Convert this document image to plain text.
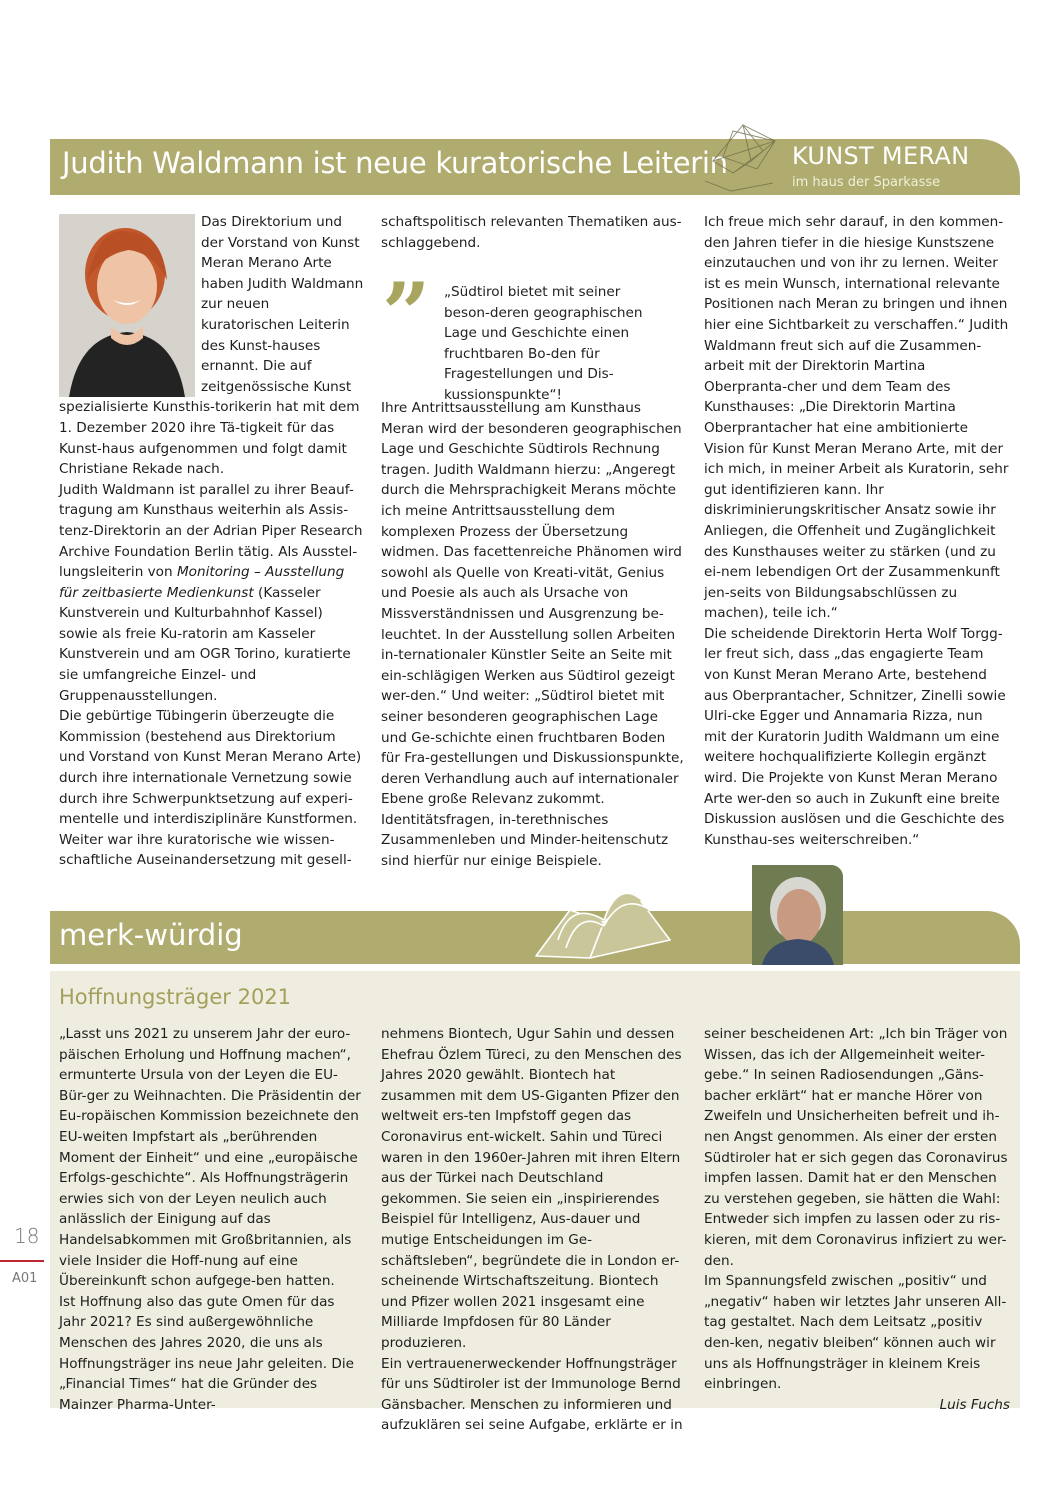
Judith Waldmann ist neue kuratorische Leiterin	KUNST MERAN
im haus der Sparkasse

Das Direktorium und der Vorstand von Kunst Meran Merano Arte haben Judith Waldmann zur neuen kuratorischen Leiterin des Kunst-hauses ernannt. Die auf zeitgenössische Kunst spezialisierte Kunsthis-torikerin hat mit dem 1. Dezember 2020 ihre Tä-tigkeit für das Kunst-haus aufgenommen und folgt damit Christiane Rekade nach.

Judith Waldmann ist parallel zu ihrer Beauf-tragung am Kunsthaus weiterhin als Assis-tenz-Direktorin an der Adrian Piper Research Archive Foundation Berlin tätig. Als Ausstel-lungsleiterin von Monitoring – Ausstellung für zeitbasierte Medienkunst (Kasseler Kunstverein und Kulturbahnhof Kassel) sowie als freie Ku-ratorin am Kasseler Kunstverein und am OGR Torino, kuratierte sie umfangreiche Einzel- und Gruppenausstellungen.

Die gebürtige Tübingerin überzeugte die Kommission (bestehend aus Direktorium und Vorstand von Kunst Meran Merano Arte) durch ihre internationale Vernetzung sowie durch ihre Schwerpunktsetzung auf experi-mentelle und interdisziplinäre Kunstformen. Weiter war ihre kuratorische wie wissen-schaftliche Auseinandersetzung mit gesell-

schaftspolitisch relevanten Thematiken aus-schlaggebend.

” „Südtirol bietet mit seiner beson-deren geographischen Lage und Geschichte einen fruchtbaren Bo-den für Fragestellungen und Dis-kussionspunkte“!
Ihre Antrittsausstellung am Kunsthaus Meran wird der besonderen geographischen Lage und Geschichte Südtirols Rechnung tragen. Judith Waldmann hierzu: „Angeregt durch die Mehrsprachigkeit Merans möchte ich meine Antrittsausstellung dem komplexen Prozess der Übersetzung widmen. Das facettenreiche Phänomen wird sowohl als Quelle von Kreati-vität, Genius und Poesie als auch als Ursache von Missverständnissen und Ausgrenzung be-leuchtet. In der Ausstellung sollen Arbeiten in-ternationaler Künstler Seite an Seite mit ein-schlägigen Werken aus Südtirol gezeigt wer-den.“ Und weiter: „Südtirol bietet mit seiner besonderen geographischen Lage und Ge-schichte einen fruchtbaren Boden für Fra-gestellungen und Diskussionspunkte, deren Verhandlung auch auf internationaler Ebene große Relevanz zukommt. Identitätsfragen, in-terethnisches Zusammenleben und Minder-heitenschutz sind hierfür nur einige Beispiele.

Ich freue mich sehr darauf, in den kommen-den Jahren tiefer in die hiesige Kunstszene einzutauchen und von ihr zu lernen. Weiter ist es mein Wunsch, international relevante Positionen nach Meran zu bringen und ihnen hier eine Sichtbarkeit zu verschaffen.“ Judith Waldmann freut sich auf die Zusammen-arbeit mit der Direktorin Martina Oberpranta-cher und dem Team des Kunsthauses: „Die Direktorin Martina Oberprantacher hat eine ambitionierte Vision für Kunst Meran Merano Arte, mit der ich mich, in meiner Arbeit als Kuratorin, sehr gut identifizieren kann. Ihr diskriminierungskritischer Ansatz sowie ihr Anliegen, die Offenheit und Zugänglichkeit des Kunsthauses weiter zu stärken (und zu ei-nem lebendigen Ort der Zusammenkunft jen-seits von Bildungsabschlüssen zu machen), teile ich.“

Die scheidende Direktorin Herta Wolf Torgg-ler freut sich, dass „das engagierte Team von Kunst Meran Merano Arte, bestehend aus Oberprantacher, Schnitzer, Zinelli sowie Ulri-cke Egger und Annamaria Rizza, nun mit der Kuratorin Judith Waldmann um eine weitere hochqualifizierte Kollegin ergänzt wird. Die Projekte von Kunst Meran Merano Arte wer-den so auch in Zukunft eine breite Diskussion auslösen und die Geschichte des Kunsthau-ses weiterschreiben.“

merk-würdig
Hoffnungsträger 2021

„Lasst uns 2021 zu unserem Jahr der euro-päischen Erholung und Hoffnung machen“, ermunterte Ursula von der Leyen die EU-Bür-ger zu Weihnachten. Die Präsidentin der Eu-ropäischen Kommission bezeichnete den EU-weiten Impfstart als „berührenden Moment der Einheit“ und eine „europäische Erfolgs-geschichte“. Als Hoffnungsträgerin erwies sich von der Leyen neulich auch anlässlich der Einigung auf das Handelsabkommen mit Großbritannien, als viele Insider die Hoff-nung auf eine Übereinkunft schon aufgege-ben hatten.

Ist Hoffnung also das gute Omen für das Jahr 2021? Es sind außergewöhnliche Menschen des Jahres 2020, die uns als Hoffnungsträger ins neue Jahr geleiten. Die „Financial Times“ hat die Gründer des Mainzer Pharma-Unter-

nehmens Biontech, Ugur Sahin und dessen Ehefrau Özlem Türeci, zu den Menschen des Jahres 2020 gewählt. Biontech hat zusammen mit dem US-Giganten Pfizer den weltweit ers-ten Impfstoff gegen das Coronavirus ent-wickelt. Sahin und Türeci waren in den 1960er-Jahren mit ihren Eltern aus der Türkei nach Deutschland gekommen. Sie seien ein „inspirierendes Beispiel für Intelligenz, Aus-dauer und mutige Entscheidungen im Ge-schäftsleben“, begründete die in London er-scheinende Wirtschaftszeitung. Biontech und Pfizer wollen 2021 insgesamt eine Milliarde Impfdosen für 80 Länder produzieren.

Ein vertrauenerweckender Hoffnungsträger für uns Südtiroler ist der Immunologe Bernd Gänsbacher. Menschen zu informieren und aufzuklären sei seine Aufgabe, erklärte er in

seiner bescheidenen Art: „Ich bin Träger von Wissen, das ich der Allgemeinheit weiter-gebe.“ In seinen Radiosendungen „Gäns-bacher erklärt“ hat er manche Hörer von Zweifeln und Unsicherheiten befreit und ih-nen Angst genommen. Als einer der ersten Südtiroler hat er sich gegen das Coronavirus impfen lassen. Damit hat er den Menschen zu verstehen gegeben, sie hätten die Wahl: Entweder sich impfen zu lassen oder zu ris-kieren, mit dem Coronavirus infiziert zu wer-den.

Im Spannungsfeld zwischen „positiv“ und „negativ“ haben wir letztes Jahr unseren All-tag gestaltet. Nach dem Leitsatz „positiv den-ken, negativ bleiben“ können auch wir uns als Hoffnungsträger in kleinem Kreis einbringen.

Luis Fuchs

18
A01
